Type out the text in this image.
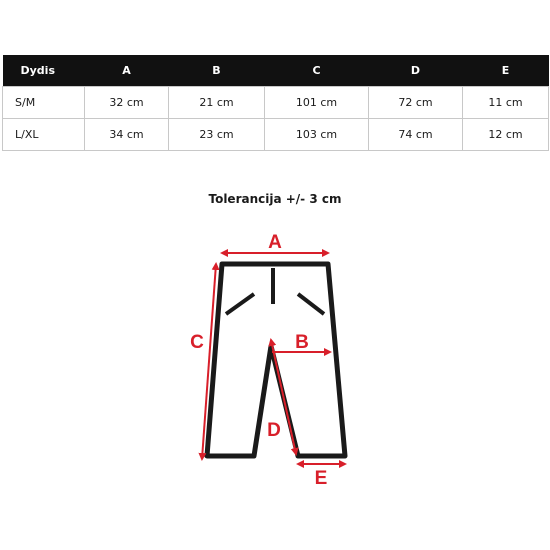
Dydis	A	B	C	D	E
S/M	32 cm	21 cm	101 cm	72 cm	11 cm
L/XL	34 cm	23 cm	103 cm	74 cm	12 cm
Tolerancija +/- 3 cm
A
B
C
D
E
